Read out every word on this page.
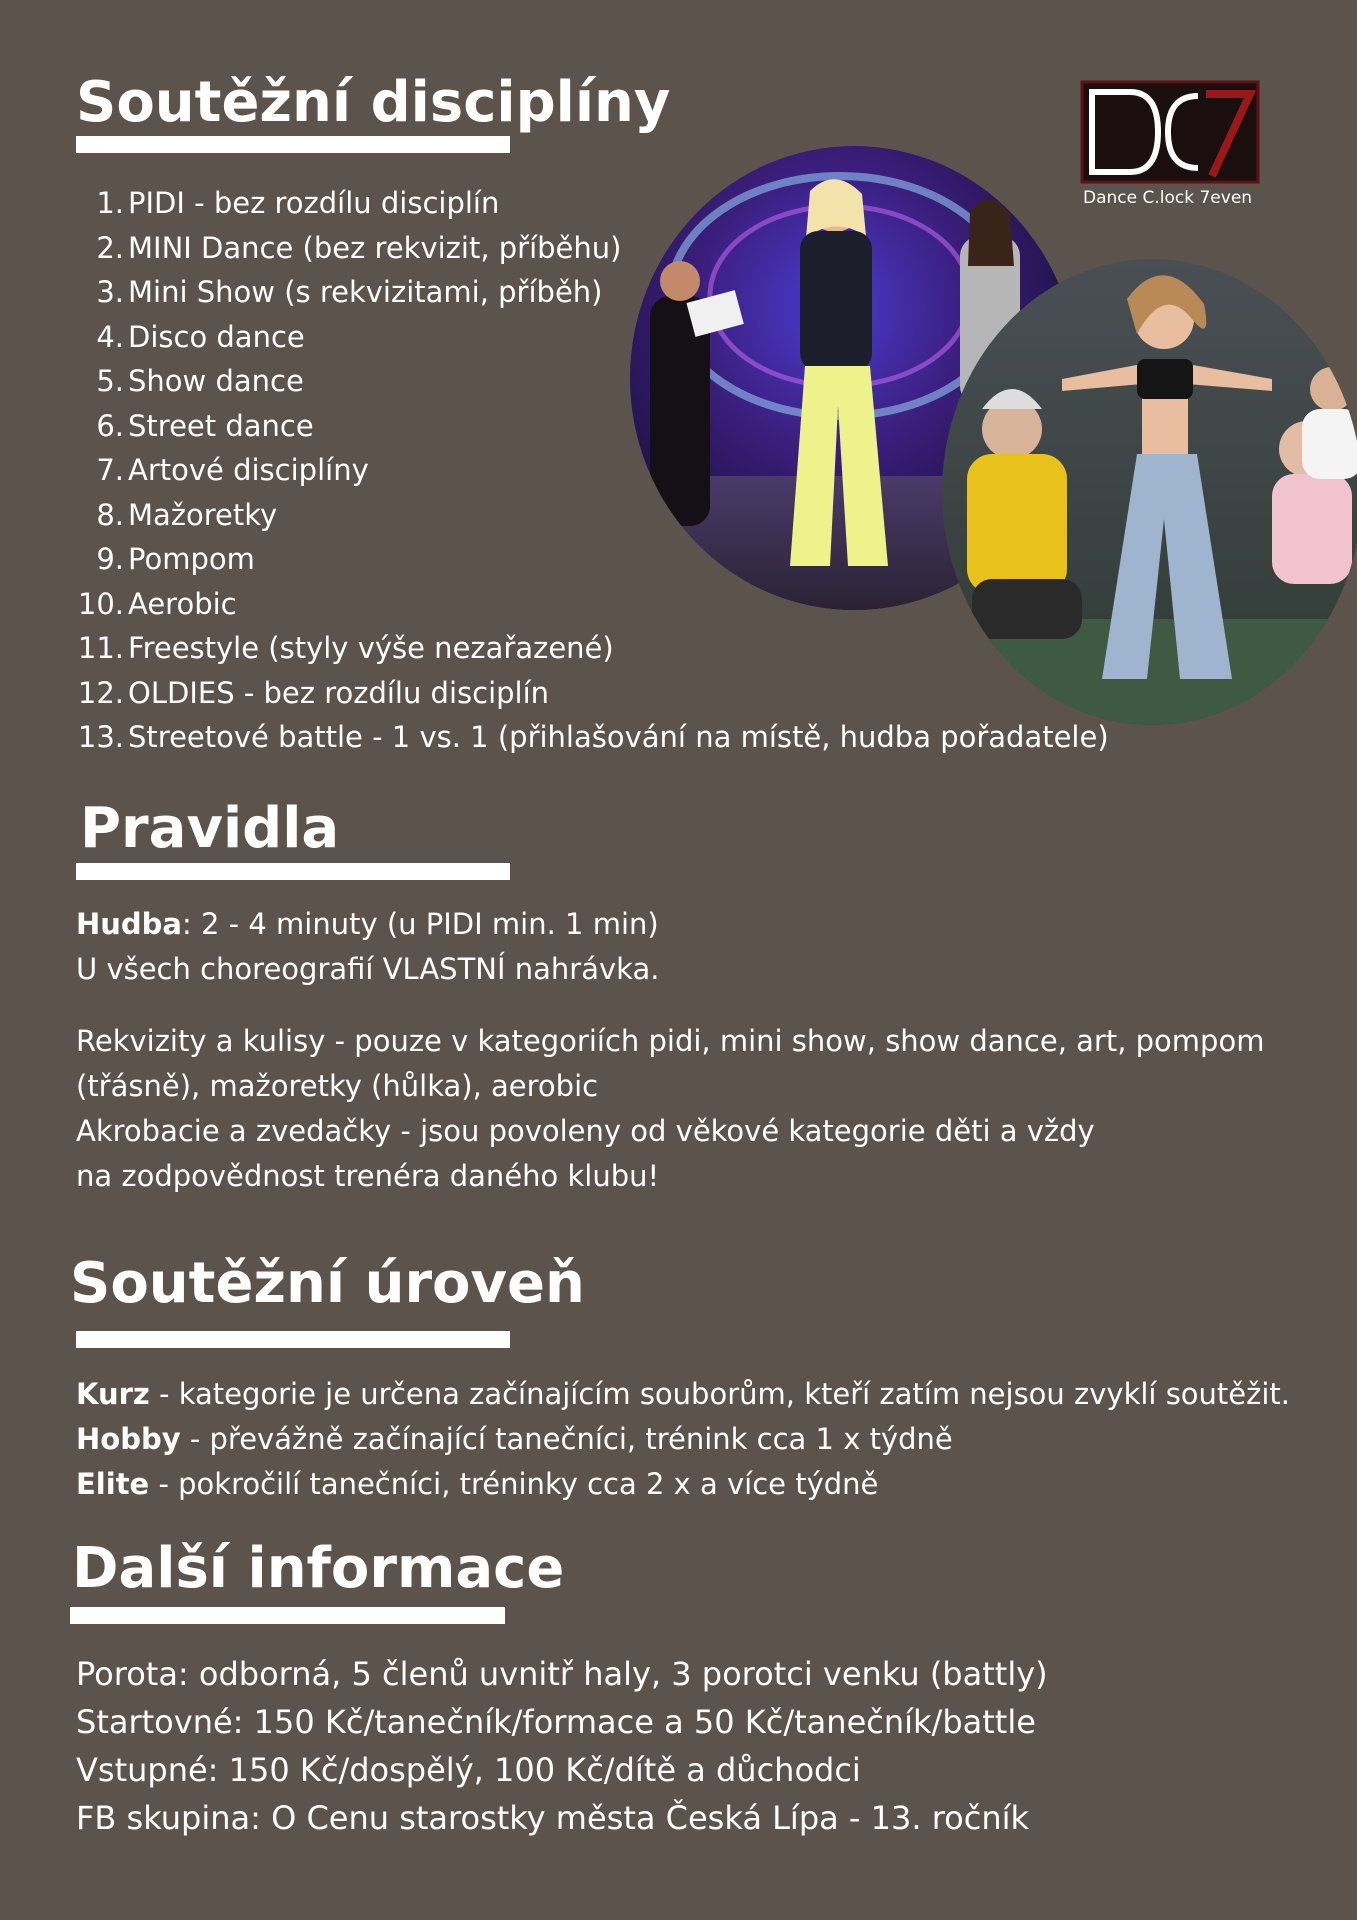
Soutěžní disciplíny
1. PIDI - bez rozdílu disciplín
2. MINI Dance (bez rekvizit, příběhu)
3. Mini Show (s rekvizitami, příběh)
4. Disco dance
5. Show dance
6. Street dance
7. Artové disciplíny
8. Mažoretky
9. Pompom
10. Aerobic
11. Freestyle (styly výše nezařazené)
12. OLDIES - bez rozdílu disciplín
13. Streetové battle - 1 vs. 1 (přihlašování na místě, hudba pořadatele)
Dance C.lock 7even
Pravidla
Hudba: 2 - 4 minuty (u PIDI min. 1 min)
U všech choreografií VLASTNÍ nahrávka.
Rekvizity a kulisy - pouze v kategoriích pidi, mini show, show dance, art, pompom
(třásně), mažoretky (hůlka), aerobic
Akrobacie a zvedačky - jsou povoleny od věkové kategorie děti a vždy
na zodpovědnost trenéra daného klubu!
Soutěžní úroveň
Kurz - kategorie je určena začínajícím souborům, kteří zatím nejsou zvyklí soutěžit.
Hobby - převážně začínající tanečníci, trénink cca 1 x týdně
Elite - pokročilí tanečníci, tréninky cca 2 x a více týdně
Další informace
Porota: odborná, 5 členů uvnitř haly, 3 porotci venku (battly)
Startovné: 150 Kč/tanečník/formace a 50 Kč/tanečník/battle
Vstupné: 150 Kč/dospělý, 100 Kč/dítě a důchodci
FB skupina: O Cenu starostky města Česká Lípa - 13. ročník
